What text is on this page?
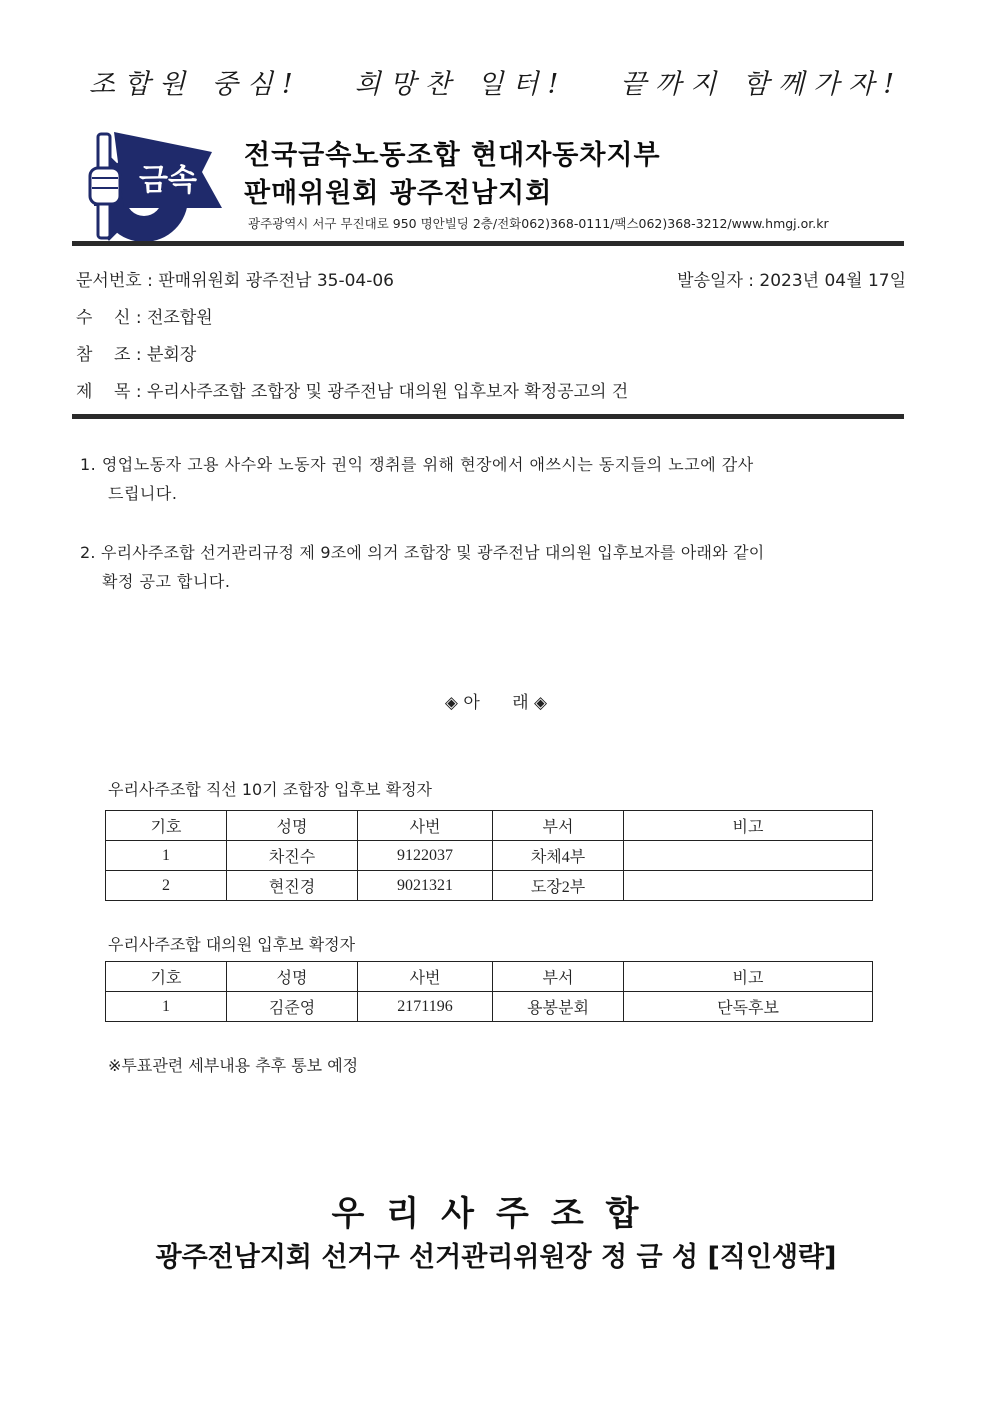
조합원 중심!   희망찬 일터!   끝까지 함께가자!
금속
전국금속노동조합 현대자동차지부
판매위원회 광주전남지회
광주광역시 서구 무진대로 950 명안빌딩 2층/전화062)368-0111/팩스062)368-3212/www.hmgj.or.kr
문서번호 : 판매위원회 광주전남 35-04-06	발송일자 : 2023년 04월 17일
수    신 : 전조합원
참    조 : 분회장
제    목 : 우리사주조합 조합장 및 광주전남 대의원 입후보자 확정공고의 건
1. 영업노동자 고용 사수와 노동자 권익 쟁취를 위해 현장에서 애쓰시는 동지들의 노고에 감사
드립니다.
2. 우리사주조합 선거관리규정 제 9조에 의거 조합장 및 광주전남 대의원 입후보자를 아래와 같이
확정 공고 합니다.
◈ 아      래 ◈
우리사주조합 직선 10기 조합장 입후보 확정자
기호	성명	사번	부서	비고
1	차진수	9122037	차체4부	
2	현진경	9021321	도장2부	
우리사주조합 대의원 입후보 확정자
기호	성명	사번	부서	비고
1	김준영	2171196	용봉분회	단독후보
※투표관련 세부내용 추후 통보 예정
우리사주조합
광주전남지회 선거구 선거관리위원장 정 금 성 [직인생략]
